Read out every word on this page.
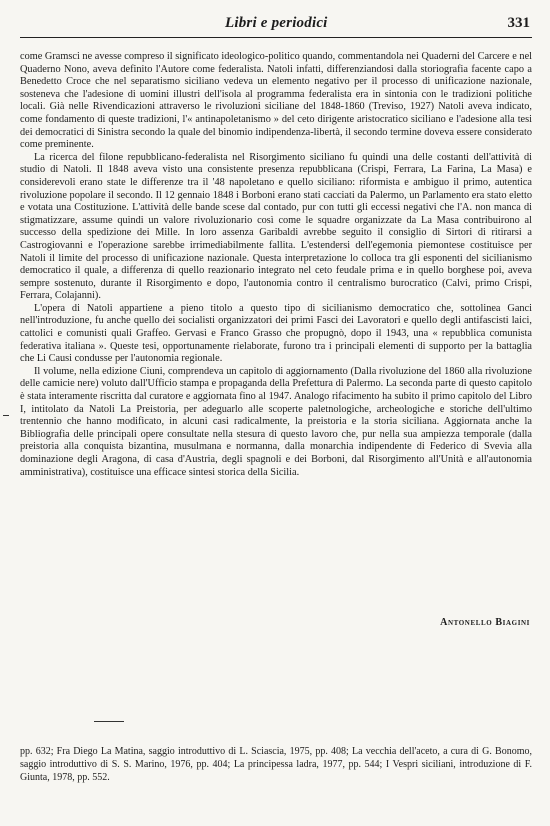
Libri e periodici	331

come Gramsci ne avesse compreso il significato ideologico-politico quando, commentandola nei Quaderni del Carcere e nel Quaderno Nono, aveva definito l'Autore come federalista. Natoli infatti, differenziandosi dalla storiografia facente capo a Benedetto Croce che nel separatismo siciliano vedeva un elemento negativo per il processo di unificazione nazionale, sosteneva che l'adesione di uomini illustri dell'isola al programma federalista era in sintonia con le tradizioni politiche locali. Già nelle Rivendicazioni attraverso le rivoluzioni siciliane del 1848-1860 (Treviso, 1927) Natoli aveva indicato, come fondamento di queste tradizioni, l'« antinapoletanismo » del ceto dirigente aristocratico siciliano e l'adesione alla tesi dei democratici di Sinistra secondo la quale del binomio indipendenza-libertà, il secondo termine doveva essere considerato come preminente.

La ricerca del filone repubblicano-federalista nel Risorgimento siciliano fu quindi una delle costanti dell'attività di studio di Natoli. Il 1848 aveva visto una consistente presenza repubblicana (Crispi, Ferrara, La Farina, La Masa) e considerevoli erano state le differenze tra il '48 napoletano e quello siciliano: riformista e ambiguo il primo, autentica rivoluzione popolare il secondo. Il 12 gennaio 1848 i Borboni erano stati cacciati da Palermo, un Parlamento era stato eletto e votata una Costituzione. L'attività delle bande scese dal contado, pur con tutti gli eccessi negativi che l'A. non manca di stigmatizzare, assume quindi un valore rivoluzionario così come le squadre organizzate da La Masa contribuirono al successo della spedizione dei Mille. In loro assenza Garibaldi avrebbe seguito il consiglio di Sirtori di ritirarsi a Castrogiovanni e l'operazione sarebbe irrimediabilmente fallita. L'estendersi dell'egemonia piemontese costituisce per Natoli il limite del processo di unificazione nazionale. Questa interpretazione lo colloca tra gli esponenti del sicilianismo democratico il quale, a differenza di quello reazionario integrato nel ceto feudale prima e in quello borghese poi, aveva sempre sostenuto, durante il Risorgimento e dopo, l'autonomia contro il centralismo burocratico (Calvi, primo Crispi, Ferrara, Colajanni).

L'opera di Natoli appartiene a pieno titolo a questo tipo di sicilianismo democratico che, sottolinea Ganci nell'introduzione, fu anche quello dei socialisti organizzatori dei primi Fasci dei Lavoratori e quello degli antifascisti laici, cattolici e comunisti quali Graffeo. Gervasi e Franco Grasso che propugnò, dopo il 1943, una « repubblica comunista federativa italiana ». Queste tesi, opportunamente rielaborate, furono tra i principali elementi di supporto per la battaglia che Li Causi condusse per l'autonomia regionale.

Il volume, nella edizione Ciuni, comprendeva un capitolo di aggiornamento (Dalla rivoluzione del 1860 alla rivoluzione delle camicie nere) voluto dall'Ufficio stampa e propaganda della Prefettura di Palermo. La seconda parte di questo capitolo è stata interamente riscritta dal curatore e aggiornata fino al 1947. Analogo rifacimento ha subito il primo capitolo del Libro I, intitolato da Natoli La Preistoria, per adeguarlo alle scoperte paletnologiche, archeologiche e storiche dell'ultimo trentennio che hanno modificato, in alcuni casi radicalmente, la preistoria e la storia siciliana. Aggiornata anche la Bibliografia delle principali opere consultate nella stesura di questo lavoro che, pur nella sua ampiezza temporale (dalla preistoria alla conquista bizantina, musulmana e normanna, dalla monarchia indipendente di Federico di Svevia alla dominazione degli Aragona, di casa d'Austria, degli spagnoli e dei Borboni, dal Risorgimento all'Unità e all'autonomia amministrativa), costituisce una efficace sintesi storica della Sicilia.

Antonello Biagini
pp. 632; Fra Diego La Matina, saggio introduttivo di L. Sciascia, 1975, pp. 408; La vecchia dell'aceto, a cura di G. Bonomo, saggio introduttivo di S. S. Marino, 1976, pp. 404; La principessa ladra, 1977, pp. 544; I Vespri siciliani, introduzione di F. Giunta, 1978, pp. 552.
